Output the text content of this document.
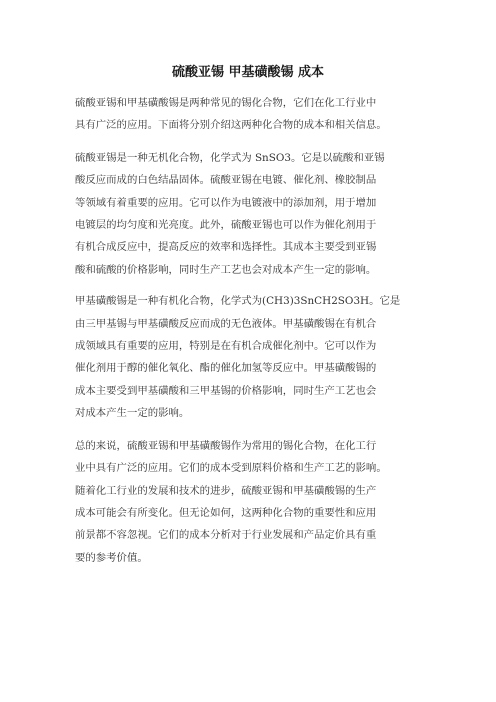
硫酸亚锡 甲基磺酸锡 成本

硫酸亚锡和甲基磺酸锡是两种常见的锡化合物，它们在化工行业中
具有广泛的应用。下面将分别介绍这两种化合物的成本和相关信息。

硫酸亚锡是一种无机化合物，化学式为 SnSO3。它是以硫酸和亚锡
酸反应而成的白色结晶固体。硫酸亚锡在电镀、催化剂、橡胶制品
等领域有着重要的应用。它可以作为电镀液中的添加剂，用于增加
电镀层的均匀度和光亮度。此外，硫酸亚锡也可以作为催化剂用于
有机合成反应中，提高反应的效率和选择性。其成本主要受到亚锡
酸和硫酸的价格影响，同时生产工艺也会对成本产生一定的影响。

甲基磺酸锡是一种有机化合物，化学式为(CH3)3SnCH2SO3H。它是
由三甲基锡与甲基磺酸反应而成的无色液体。甲基磺酸锡在有机合
成领域具有重要的应用，特别是在有机合成催化剂中。它可以作为
催化剂用于醇的催化氧化、酯的催化加氢等反应中。甲基磺酸锡的
成本主要受到甲基磺酸和三甲基锡的价格影响，同时生产工艺也会
对成本产生一定的影响。

总的来说，硫酸亚锡和甲基磺酸锡作为常用的锡化合物，在化工行
业中具有广泛的应用。它们的成本受到原料价格和生产工艺的影响。
随着化工行业的发展和技术的进步，硫酸亚锡和甲基磺酸锡的生产
成本可能会有所变化。但无论如何，这两种化合物的重要性和应用
前景都不容忽视。它们的成本分析对于行业发展和产品定价具有重
要的参考价值。
